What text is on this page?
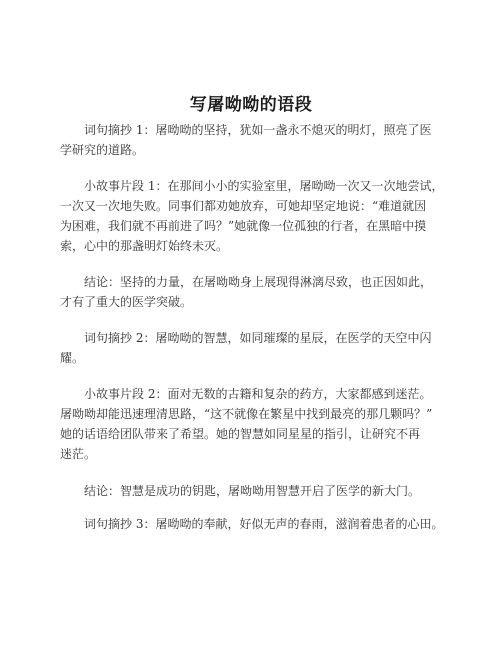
写屠呦呦的语段
词句摘抄 1：屠呦呦的坚持，犹如一盏永不熄灭的明灯，照亮了医
学研究的道路。
小故事片段 1：在那间小小的实验室里，屠呦呦一次又一次地尝试，
一次又一次地失败。同事们都劝她放弃，可她却坚定地说：“难道就因
为困难，我们就不再前进了吗？”她就像一位孤独的行者，在黑暗中摸
索，心中的那盏明灯始终未灭。
结论：坚持的力量，在屠呦呦身上展现得淋漓尽致，也正因如此，
才有了重大的医学突破。
词句摘抄 2：屠呦呦的智慧，如同璀璨的星辰，在医学的天空中闪
耀。
小故事片段 2：面对无数的古籍和复杂的药方，大家都感到迷茫。
屠呦呦却能迅速理清思路，“这不就像在繁星中找到最亮的那几颗吗？”
她的话语给团队带来了希望。她的智慧如同星星的指引，让研究不再
迷茫。
结论：智慧是成功的钥匙，屠呦呦用智慧开启了医学的新大门。
词句摘抄 3：屠呦呦的奉献，好似无声的春雨，滋润着患者的心田。
